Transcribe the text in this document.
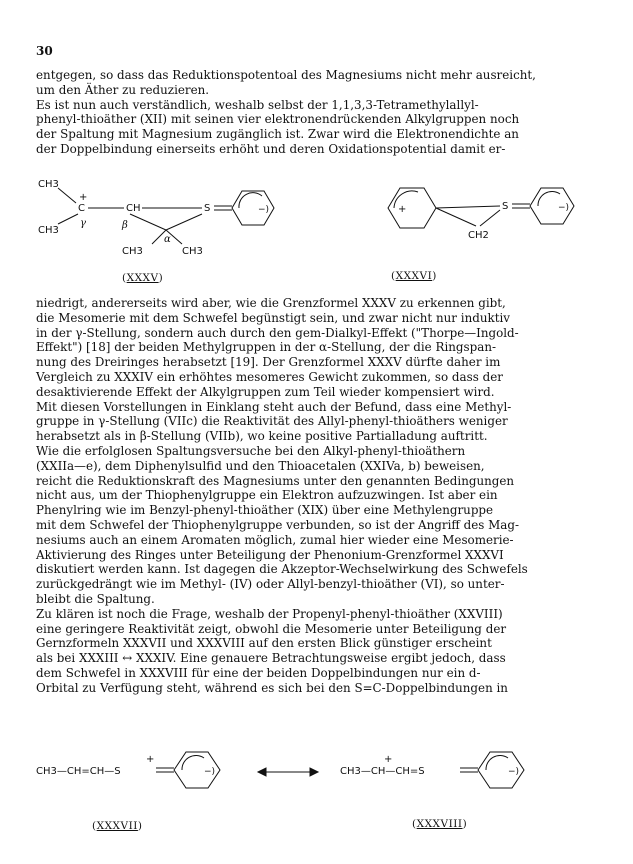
30

entgegen, so dass das Reduktionspotentoal des Magnesiums nicht mehr ausreicht,
um den Äther zu reduzieren.
Es ist nun auch verständlich, weshalb selbst der 1,1,3,3-Tetramethylallyl-
phenyl-thioäther (XII) mit seinen vier elektronendrückenden Alkylgruppen noch
der Spaltung mit Magnesium zugänglich ist. Zwar wird die Elektronendichte an
der Doppelbindung einerseits erhöht und deren Oxidationspotential damit er-

CH3
+
C	CH	S	−)
CH3
γ	β
α
CH3	CH3
(XXXV)
+
CH2
S	−)
(XXXVI)

niedrigt, andererseits wird aber, wie die Grenzformel XXXV zu erkennen gibt,
die Mesomerie mit dem Schwefel begünstigt sein, und zwar nicht nur induktiv
in der γ-Stellung, sondern auch durch den gem-Dialkyl-Effekt ("Thorpe—Ingold-
Effekt") [18] der beiden Methylgruppen in der α-Stellung, der die Ringspan-
nung des Dreiringes herabsetzt [19]. Der Grenzformel XXXV dürfte daher im
Vergleich zu XXXIV ein erhöhtes mesomeres Gewicht zukommen, so dass der
desaktivierende Effekt der Alkylgruppen zum Teil wieder kompensiert wird.
Mit diesen Vorstellungen in Einklang steht auch der Befund, dass eine Methyl-
gruppe in γ-Stellung (VIIc) die Reaktivität des Allyl-phenyl-thioäthers weniger
herabsetzt als in β-Stellung (VIIb), wo keine positive Partialladung auftritt.
Wie die erfolglosen Spaltungsversuche bei den Alkyl-phenyl-thioäthern
(XXIIa—e), dem Diphenylsulfid und den Thioacetalen (XXIVa, b) beweisen,
reicht die Reduktionskraft des Magnesiums unter den genannten Bedingungen
nicht aus, um der Thiophenylgruppe ein Elektron aufzuzwingen. Ist aber ein
Phenylring wie im Benzyl-phenyl-thioäther (XIX) über eine Methylengruppe
mit dem Schwefel der Thiophenylgruppe verbunden, so ist der Angriff des Mag-
nesiums auch an einem Aromaten möglich, zumal hier wieder eine Mesomerie-
Aktivierung des Ringes unter Beteiligung der Phenonium-Grenzformel XXXVI
diskutiert werden kann. Ist dagegen die Akzeptor-Wechselwirkung des Schwefels
zurückgedrängt wie im Methyl- (IV) oder Allyl-benzyl-thioäther (VI), so unter-
bleibt die Spaltung.
Zu klären ist noch die Frage, weshalb der Propenyl-phenyl-thioäther (XXVIII)
eine geringere Reaktivität zeigt, obwohl die Mesomerie unter Beteiligung der
Gernzformeln XXXVII und XXXVIII auf den ersten Blick günstiger erscheint
als bei XXXIII ↔ XXXIV. Eine genauere Betrachtungsweise ergibt jedoch, dass
dem Schwefel in XXXVIII für eine der beiden Doppelbindungen nur ein d-
Orbital zu Verfügung steht, während es sich bei den S=C-Doppelbindungen in

CH3—CH=CH—S
+
−)	CH3—CH—CH=S
+
−)
(XXXVII)	(XXXVIII)
